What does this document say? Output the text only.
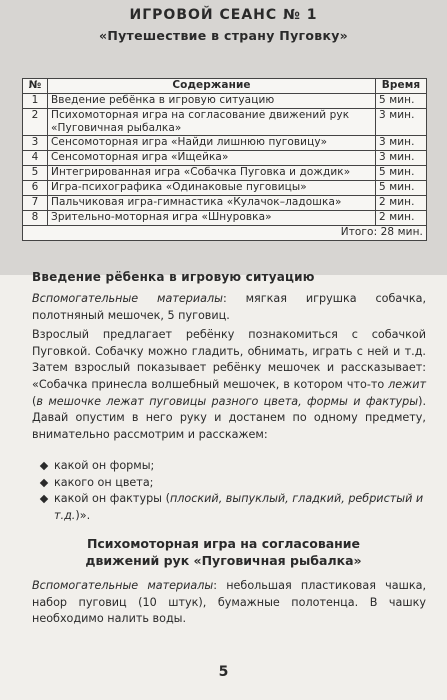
ИГРОВОЙ СЕАНС № 1
«Путешествие в страну Пуговку»
№	Содержание	Время
1	Введение ребёнка в игровую ситуацию	5 мин.
2	Психомоторная игра на согласование движений рук «Пуговичная рыбалка»	3 мин.
3	Сенсомоторная игра «Найди лишнюю пуговицу»	3 мин.
4	Сенсомоторная игра «Ищейка»	3 мин.
5	Интегрированная игра «Собачка Пуговка и дождик»	5 мин.
6	Игра-психографика «Одинаковые пуговицы»	5 мин.
7	Пальчиковая игра-гимнастика «Кулачок–ладошка»	2 мин.
8	Зрительно-моторная игра «Шнуровка»	2 мин.
Итого: 28 мин.		
Введение рёбенка в игровую ситуацию

Вспомогательные материалы: мягкая игрушка собачка, полотняный мешочек, 5 пуговиц.

Взрослый предлагает ребёнку познакомиться с собачкой Пуговкой. Собачку можно гладить, обнимать, играть с ней и т.д. Затем взрослый показывает ребёнку мешочек и рассказывает: «Собачка принесла волшебный мешочек, в котором что-то лежит (в мешочке лежат пуговицы разного цвета, формы и фактуры). Давай опустим в него руку и достанем по одному предмету, внимательно рассмотрим и расскажем:

какой он формы;
какого он цвета;
какой он фактуры (плоский, выпуклый, гладкий, ребристый и т.д.)».
Психомоторная игра на согласование
движений рук «Пуговичная рыбалка»

Вспомогательные материалы: небольшая пластиковая чашка, набор пуговиц (10 штук), бумажные полотенца. В чашку необходимо налить воды.

5
